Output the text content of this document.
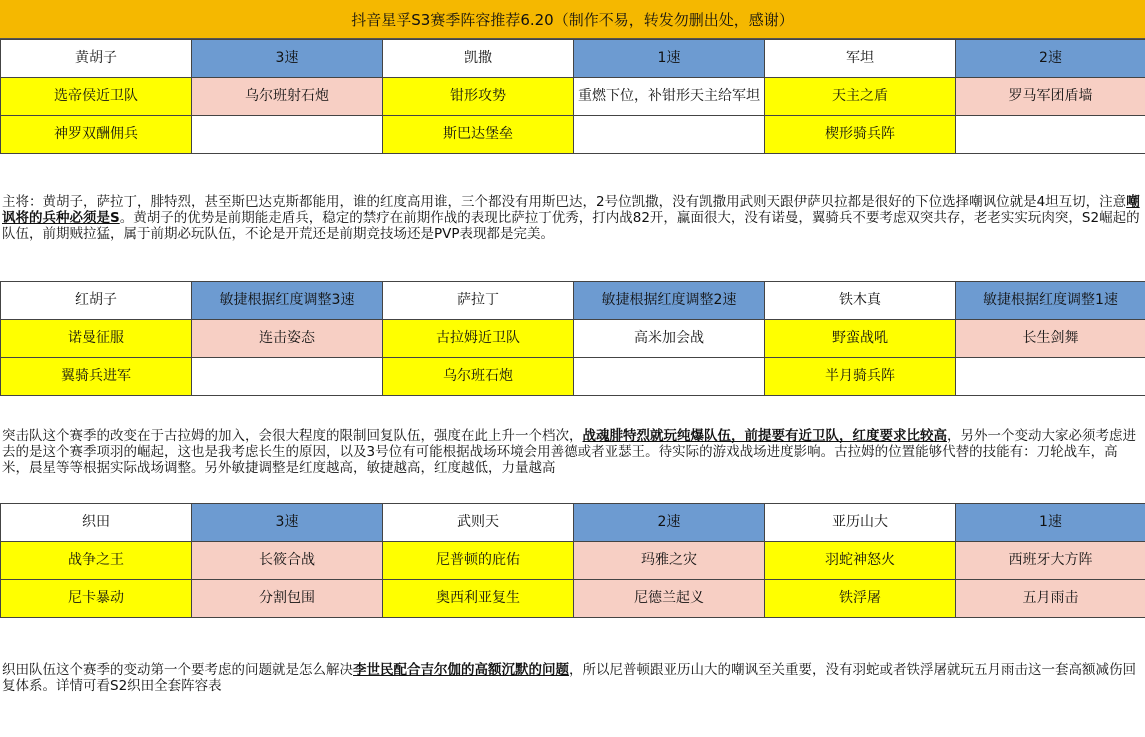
抖音星孚S3赛季阵容推荐6.20（制作不易，转发勿删出处，感谢）
黄胡子	3速	凯撒	1速	军坦	2速
选帝侯近卫队	乌尔班射石炮	钳形攻势	重燃下位，补钳形天主给军坦	天主之盾	罗马军团盾墙
神罗双酬佣兵		斯巴达堡垒		楔形骑兵阵	
主将：黄胡子，萨拉丁，腓特烈，甚至斯巴达克斯都能用，谁的红度高用谁，三个都没有用斯巴达，2号位凯撒，没有凯撒用武则天跟伊萨贝拉都是很好的下位选择嘲讽位就是4坦互切，注意嘲讽将的兵种必须是S。黄胡子的优势是前期能走盾兵，稳定的禁疗在前期作战的表现比萨拉丁优秀，打内战82开，赢面很大，没有诺曼，翼骑兵不要考虑双突共存，老老实实玩肉突，S2崛起的队伍，前期贼拉猛，属于前期必玩队伍，不论是开荒还是前期竞技场还是PVP表现都是完美。
红胡子	敏捷根据红度调整3速	萨拉丁	敏捷根据红度调整2速	铁木真	敏捷根据红度调整1速
诺曼征服	连击姿态	古拉姆近卫队	高米加会战	野蛮战吼	长生剑舞
翼骑兵进军		乌尔班石炮		半月骑兵阵	
突击队这个赛季的改变在于古拉姆的加入，会很大程度的限制回复队伍，强度在此上升一个档次，战魂腓特烈就玩纯爆队伍，前提要有近卫队，红度要求比较高，另外一个变动大家必须考虑进去的是这个赛季项羽的崛起，这也是我考虑长生的原因，以及3号位有可能根据战场环境会用善德或者亚瑟王。待实际的游戏战场进度影响。古拉姆的位置能够代替的技能有：刀轮战车，高米，晨星等等根据实际战场调整。另外敏捷调整是红度越高，敏捷越高，红度越低，力量越高
织田	3速	武则天	2速	亚历山大	1速
战争之王	长筱合战	尼普顿的庇佑	玛雅之灾	羽蛇神怒火	西班牙大方阵
尼卡暴动	分割包围	奥西利亚复生	尼德兰起义	铁浮屠	五月雨击
织田队伍这个赛季的变动第一个要考虑的问题就是怎么解决李世民配合吉尔伽的高额沉默的问题，所以尼普顿跟亚历山大的嘲讽至关重要，没有羽蛇或者铁浮屠就玩五月雨击这一套高额减伤回复体系。详情可看S2织田全套阵容表
